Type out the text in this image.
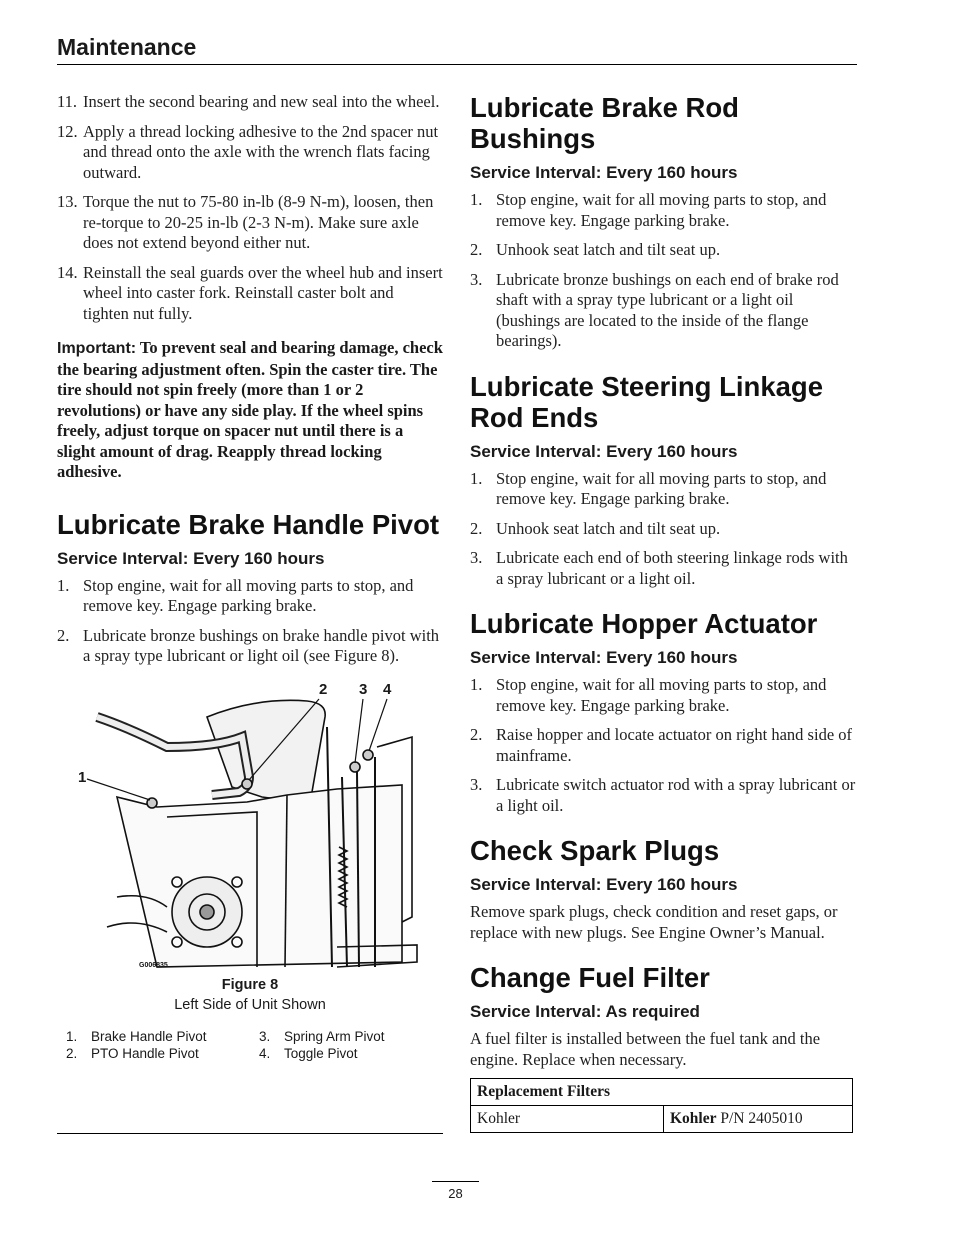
Maintenance
11. Insert the second bearing and new seal into the wheel.
12. Apply a thread locking adhesive to the 2nd spacer nut and thread onto the axle with the wrench flats facing outward.
13. Torque the nut to 75-80 in-lb (8-9 N-m), loosen, then re-torque to 20-25 in-lb (2-3 N-m). Make sure axle does not extend beyond either nut.
14. Reinstall the seal guards over the wheel hub and insert wheel into caster fork. Reinstall caster bolt and tighten nut fully.
Important: To prevent seal and bearing damage, check the bearing adjustment often. Spin the caster tire. The tire should not spin freely (more than 1 or 2 revolutions) or have any side play. If the wheel spins freely, adjust torque on spacer nut until there is a slight amount of drag. Reapply thread locking adhesive.
Lubricate Brake Handle Pivot
Service Interval: Every 160 hours
1. Stop engine, wait for all moving parts to stop, and remove key. Engage parking brake.
2. Lubricate bronze bushings on brake handle pivot with a spray type lubricant or light oil (see Figure 8).
G006835
1
2 3 4
Figure 8
Left Side of Unit Shown
1.	Brake Handle Pivot	3.	Spring Arm Pivot
2.	PTO Handle Pivot	4.	Toggle Pivot
Lubricate Brake Rod Bushings
Service Interval: Every 160 hours
1. Stop engine, wait for all moving parts to stop, and remove key. Engage parking brake.
2. Unhook seat latch and tilt seat up.
3. Lubricate bronze bushings on each end of brake rod shaft with a spray type lubricant or a light oil (bushings are located to the inside of the flange bearings).
Lubricate Steering Linkage Rod Ends
Service Interval: Every 160 hours
1. Stop engine, wait for all moving parts to stop, and remove key. Engage parking brake.
2. Unhook seat latch and tilt seat up.
3. Lubricate each end of both steering linkage rods with a spray lubricant or a light oil.
Lubricate Hopper Actuator
Service Interval: Every 160 hours
1. Stop engine, wait for all moving parts to stop, and remove key. Engage parking brake.
2. Raise hopper and locate actuator on right hand side of mainframe.
3. Lubricate switch actuator rod with a spray lubricant or a light oil.
Check Spark Plugs
Service Interval: Every 160 hours

Remove spark plugs, check condition and reset gaps, or replace with new plugs. See Engine Owner’s Manual.

Change Fuel Filter
Service Interval: As required

A fuel filter is installed between the fuel tank and the engine. Replace when necessary.

Replacement Filters
Kohler	Kohler P/N 2405010
28
